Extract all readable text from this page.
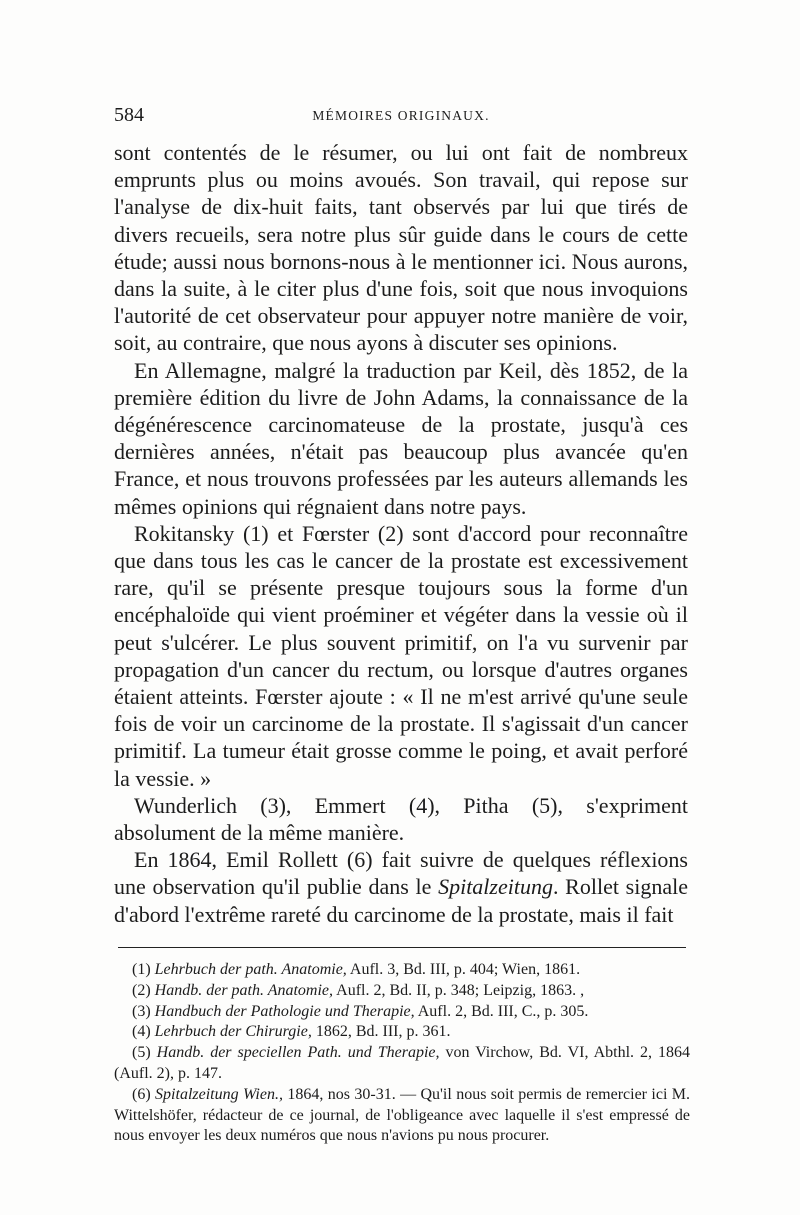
584	MÉMOIRES ORIGINAUX.

sont contentés de le résumer, ou lui ont fait de nombreux emprunts plus ou moins avoués. Son travail, qui repose sur l'analyse de dix-huit faits, tant observés par lui que tirés de divers recueils, sera notre plus sûr guide dans le cours de cette étude; aussi nous bornons-nous à le mentionner ici. Nous aurons, dans la suite, à le citer plus d'une fois, soit que nous invoquions l'autorité de cet observateur pour appuyer notre manière de voir, soit, au contraire, que nous ayons à discuter ses opinions.

En Allemagne, malgré la traduction par Keil, dès 1852, de la première édition du livre de John Adams, la connaissance de la dégénérescence carcinomateuse de la prostate, jusqu'à ces dernières années, n'était pas beaucoup plus avancée qu'en France, et nous trouvons professées par les auteurs allemands les mêmes opinions qui régnaient dans notre pays.

Rokitansky (1) et Fœrster (2) sont d'accord pour reconnaître que dans tous les cas le cancer de la prostate est excessivement rare, qu'il se présente presque toujours sous la forme d'un encéphaloïde qui vient proéminer et végéter dans la vessie où il peut s'ulcérer. Le plus souvent primitif, on l'a vu survenir par propagation d'un cancer du rectum, ou lorsque d'autres organes étaient atteints. Fœrster ajoute : « Il ne m'est arrivé qu'une seule fois de voir un carcinome de la prostate. Il s'agissait d'un cancer primitif. La tumeur était grosse comme le poing, et avait perforé la vessie. »

Wunderlich (3), Emmert (4), Pitha (5), s'expriment absolument de la même manière.

En 1864, Emil Rollett (6) fait suivre de quelques réflexions une observation qu'il publie dans le Spitalzeitung. Rollet signale d'abord l'extrême rareté du carcinome de la prostate, mais il fait

(1) Lehrbuch der path. Anatomie, Aufl. 3, Bd. III, p. 404; Wien, 1861.

(2) Handb. der path. Anatomie, Aufl. 2, Bd. II, p. 348; Leipzig, 1863. ,

(3) Handbuch der Pathologie und Therapie, Aufl. 2, Bd. III, C., p. 305.

(4) Lehrbuch der Chirurgie, 1862, Bd. III, p. 361.

(5) Handb. der speciellen Path. und Therapie, von Virchow, Bd. VI, Abthl. 2, 1864 (Aufl. 2), p. 147.

(6) Spitalzeitung Wien., 1864, nos 30-31. — Qu'il nous soit permis de remercier ici M. Wittelshöfer, rédacteur de ce journal, de l'obligeance avec laquelle il s'est empressé de nous envoyer les deux numéros que nous n'avions pu nous procurer.
